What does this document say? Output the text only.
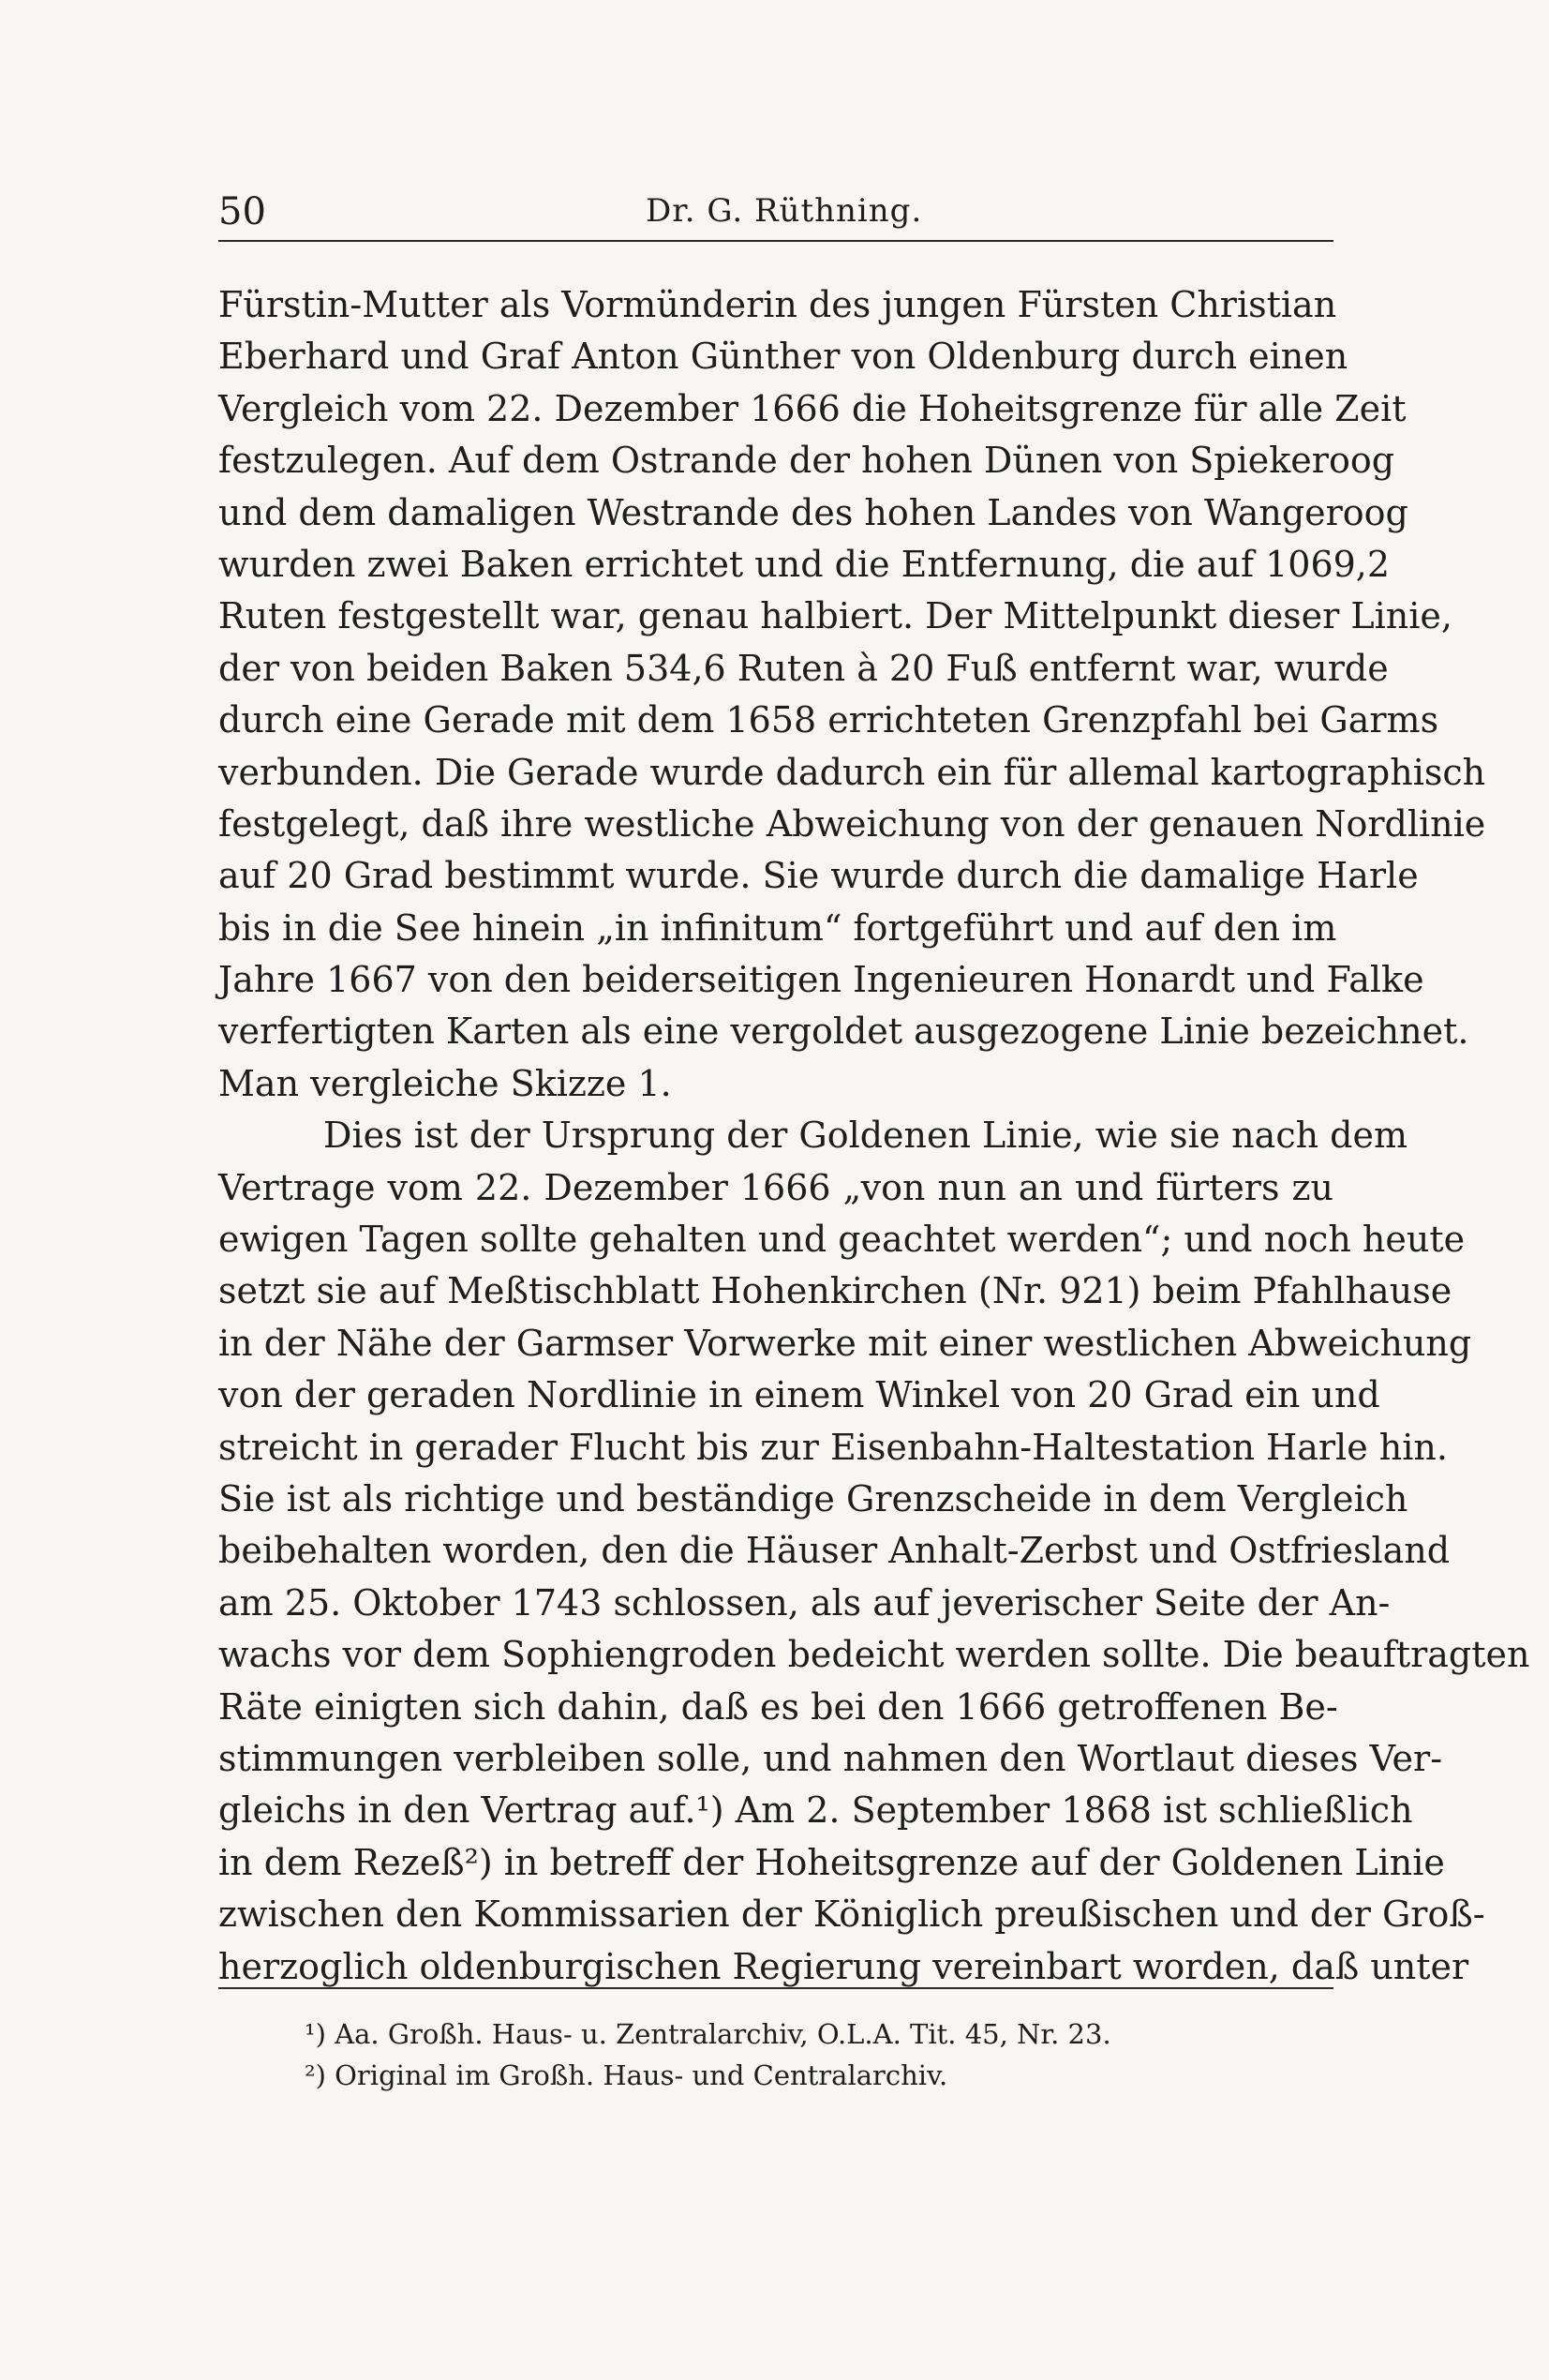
50	Dr. G. Rüthning.
Fürstin-Mutter als Vormünderin des jungen Fürsten Christian
Eberhard und Graf Anton Günther von Oldenburg durch einen
Vergleich vom 22. Dezember 1666 die Hoheitsgrenze für alle Zeit
festzulegen. Auf dem Ostrande der hohen Dünen von Spiekeroog
und dem damaligen Westrande des hohen Landes von Wangeroog
wurden zwei Baken errichtet und die Entfernung, die auf 1069,2
Ruten festgestellt war, genau halbiert. Der Mittelpunkt dieser Linie,
der von beiden Baken 534,6 Ruten à 20 Fuß entfernt war, wurde
durch eine Gerade mit dem 1658 errichteten Grenzpfahl bei Garms
verbunden. Die Gerade wurde dadurch ein für allemal kartographisch
festgelegt, daß ihre westliche Abweichung von der genauen Nordlinie
auf 20 Grad bestimmt wurde. Sie wurde durch die damalige Harle
bis in die See hinein „in infinitum“ fortgeführt und auf den im
Jahre 1667 von den beiderseitigen Ingenieuren Honardt und Falke
verfertigten Karten als eine vergoldet ausgezogene Linie bezeichnet.
Man vergleiche Skizze 1.
Dies ist der Ursprung der Goldenen Linie, wie sie nach dem
Vertrage vom 22. Dezember 1666 „von nun an und fürters zu
ewigen Tagen sollte gehalten und geachtet werden“; und noch heute
setzt sie auf Meßtischblatt Hohenkirchen (Nr. 921) beim Pfahlhause
in der Nähe der Garmser Vorwerke mit einer westlichen Abweichung
von der geraden Nordlinie in einem Winkel von 20 Grad ein und
streicht in gerader Flucht bis zur Eisenbahn-Haltestation Harle hin.
Sie ist als richtige und beständige Grenzscheide in dem Vergleich
beibehalten worden, den die Häuser Anhalt-Zerbst und Ostfriesland
am 25. Oktober 1743 schlossen, als auf jeverischer Seite der An-
wachs vor dem Sophiengroden bedeicht werden sollte. Die beauftragten
Räte einigten sich dahin, daß es bei den 1666 getroffenen Be-
stimmungen verbleiben solle, und nahmen den Wortlaut dieses Ver-
gleichs in den Vertrag auf.¹) Am 2. September 1868 ist schließlich
in dem Rezeß²) in betreff der Hoheitsgrenze auf der Goldenen Linie
zwischen den Kommissarien der Königlich preußischen und der Groß-
herzoglich oldenburgischen Regierung vereinbart worden, daß unter
¹) Aa. Großh. Haus- u. Zentralarchiv, O.L.A. Tit. 45, Nr. 23.
²) Original im Großh. Haus- und Centralarchiv.
